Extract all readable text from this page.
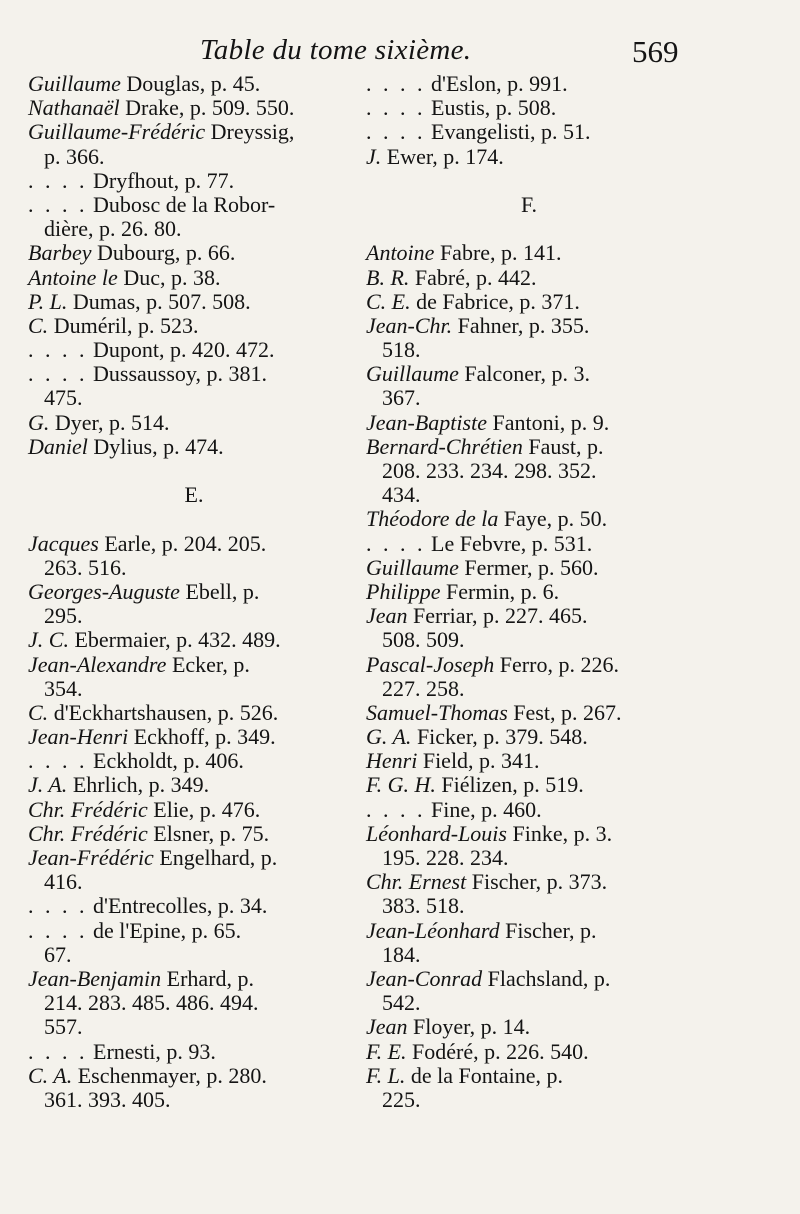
Table du tome sixième.	569
Guillaume Douglas, p. 45.
Nathanaël Drake, p. 509. 550.
Guillaume-Frédéric Dreyssig,
p. 366.
. . . . Dryfhout, p. 77.
. . . . Dubosc de la Robor-
dière, p. 26. 80.
Barbey Dubourg, p. 66.
Antoine le Duc, p. 38.
P. L. Dumas, p. 507. 508.
C. Duméril, p. 523.
. . . . Dupont, p. 420. 472.
. . . . Dussaussoy, p. 381.
475.
G. Dyer, p. 514.
Daniel Dylius, p. 474.
E.
Jacques Earle, p. 204. 205.
263. 516.
Georges-Auguste Ebell, p.
295.
J. C. Ebermaier, p. 432. 489.
Jean-Alexandre Ecker, p.
354.
C. d'Eckhartshausen, p. 526.
Jean-Henri Eckhoff, p. 349.
. . . . Eckholdt, p. 406.
J. A. Ehrlich, p. 349.
Chr. Frédéric Elie, p. 476.
Chr. Frédéric Elsner, p. 75.
Jean-Frédéric Engelhard, p.
416.
. . . . d'Entrecolles, p. 34.
. . . . de l'Epine, p. 65.
67.
Jean-Benjamin Erhard, p.
214. 283. 485. 486. 494.
557.
. . . . Ernesti, p. 93.
C. A. Eschenmayer, p. 280.
361. 393. 405.
. . . . d'Eslon, p. 991.
. . . . Eustis, p. 508.
. . . . Evangelisti, p. 51.
J. Ewer, p. 174.
F.
Antoine Fabre, p. 141.
B. R. Fabré, p. 442.
C. E. de Fabrice, p. 371.
Jean-Chr. Fahner, p. 355.
518.
Guillaume Falconer, p. 3.
367.
Jean-Baptiste Fantoni, p. 9.
Bernard-Chrétien Faust, p.
208. 233. 234. 298. 352.
434.
Théodore de la Faye, p. 50.
. . . . Le Febvre, p. 531.
Guillaume Fermer, p. 560.
Philippe Fermin, p. 6.
Jean Ferriar, p. 227. 465.
508. 509.
Pascal-Joseph Ferro, p. 226.
227. 258.
Samuel-Thomas Fest, p. 267.
G. A. Ficker, p. 379. 548.
Henri Field, p. 341.
F. G. H. Fiélizen, p. 519.
. . . . Fine, p. 460.
Léonhard-Louis Finke, p. 3.
195. 228. 234.
Chr. Ernest Fischer, p. 373.
383. 518.
Jean-Léonhard Fischer, p.
184.
Jean-Conrad Flachsland, p.
542.
Jean Floyer, p. 14.
F. E. Fodéré, p. 226. 540.
F. L. de la Fontaine, p.
225.
